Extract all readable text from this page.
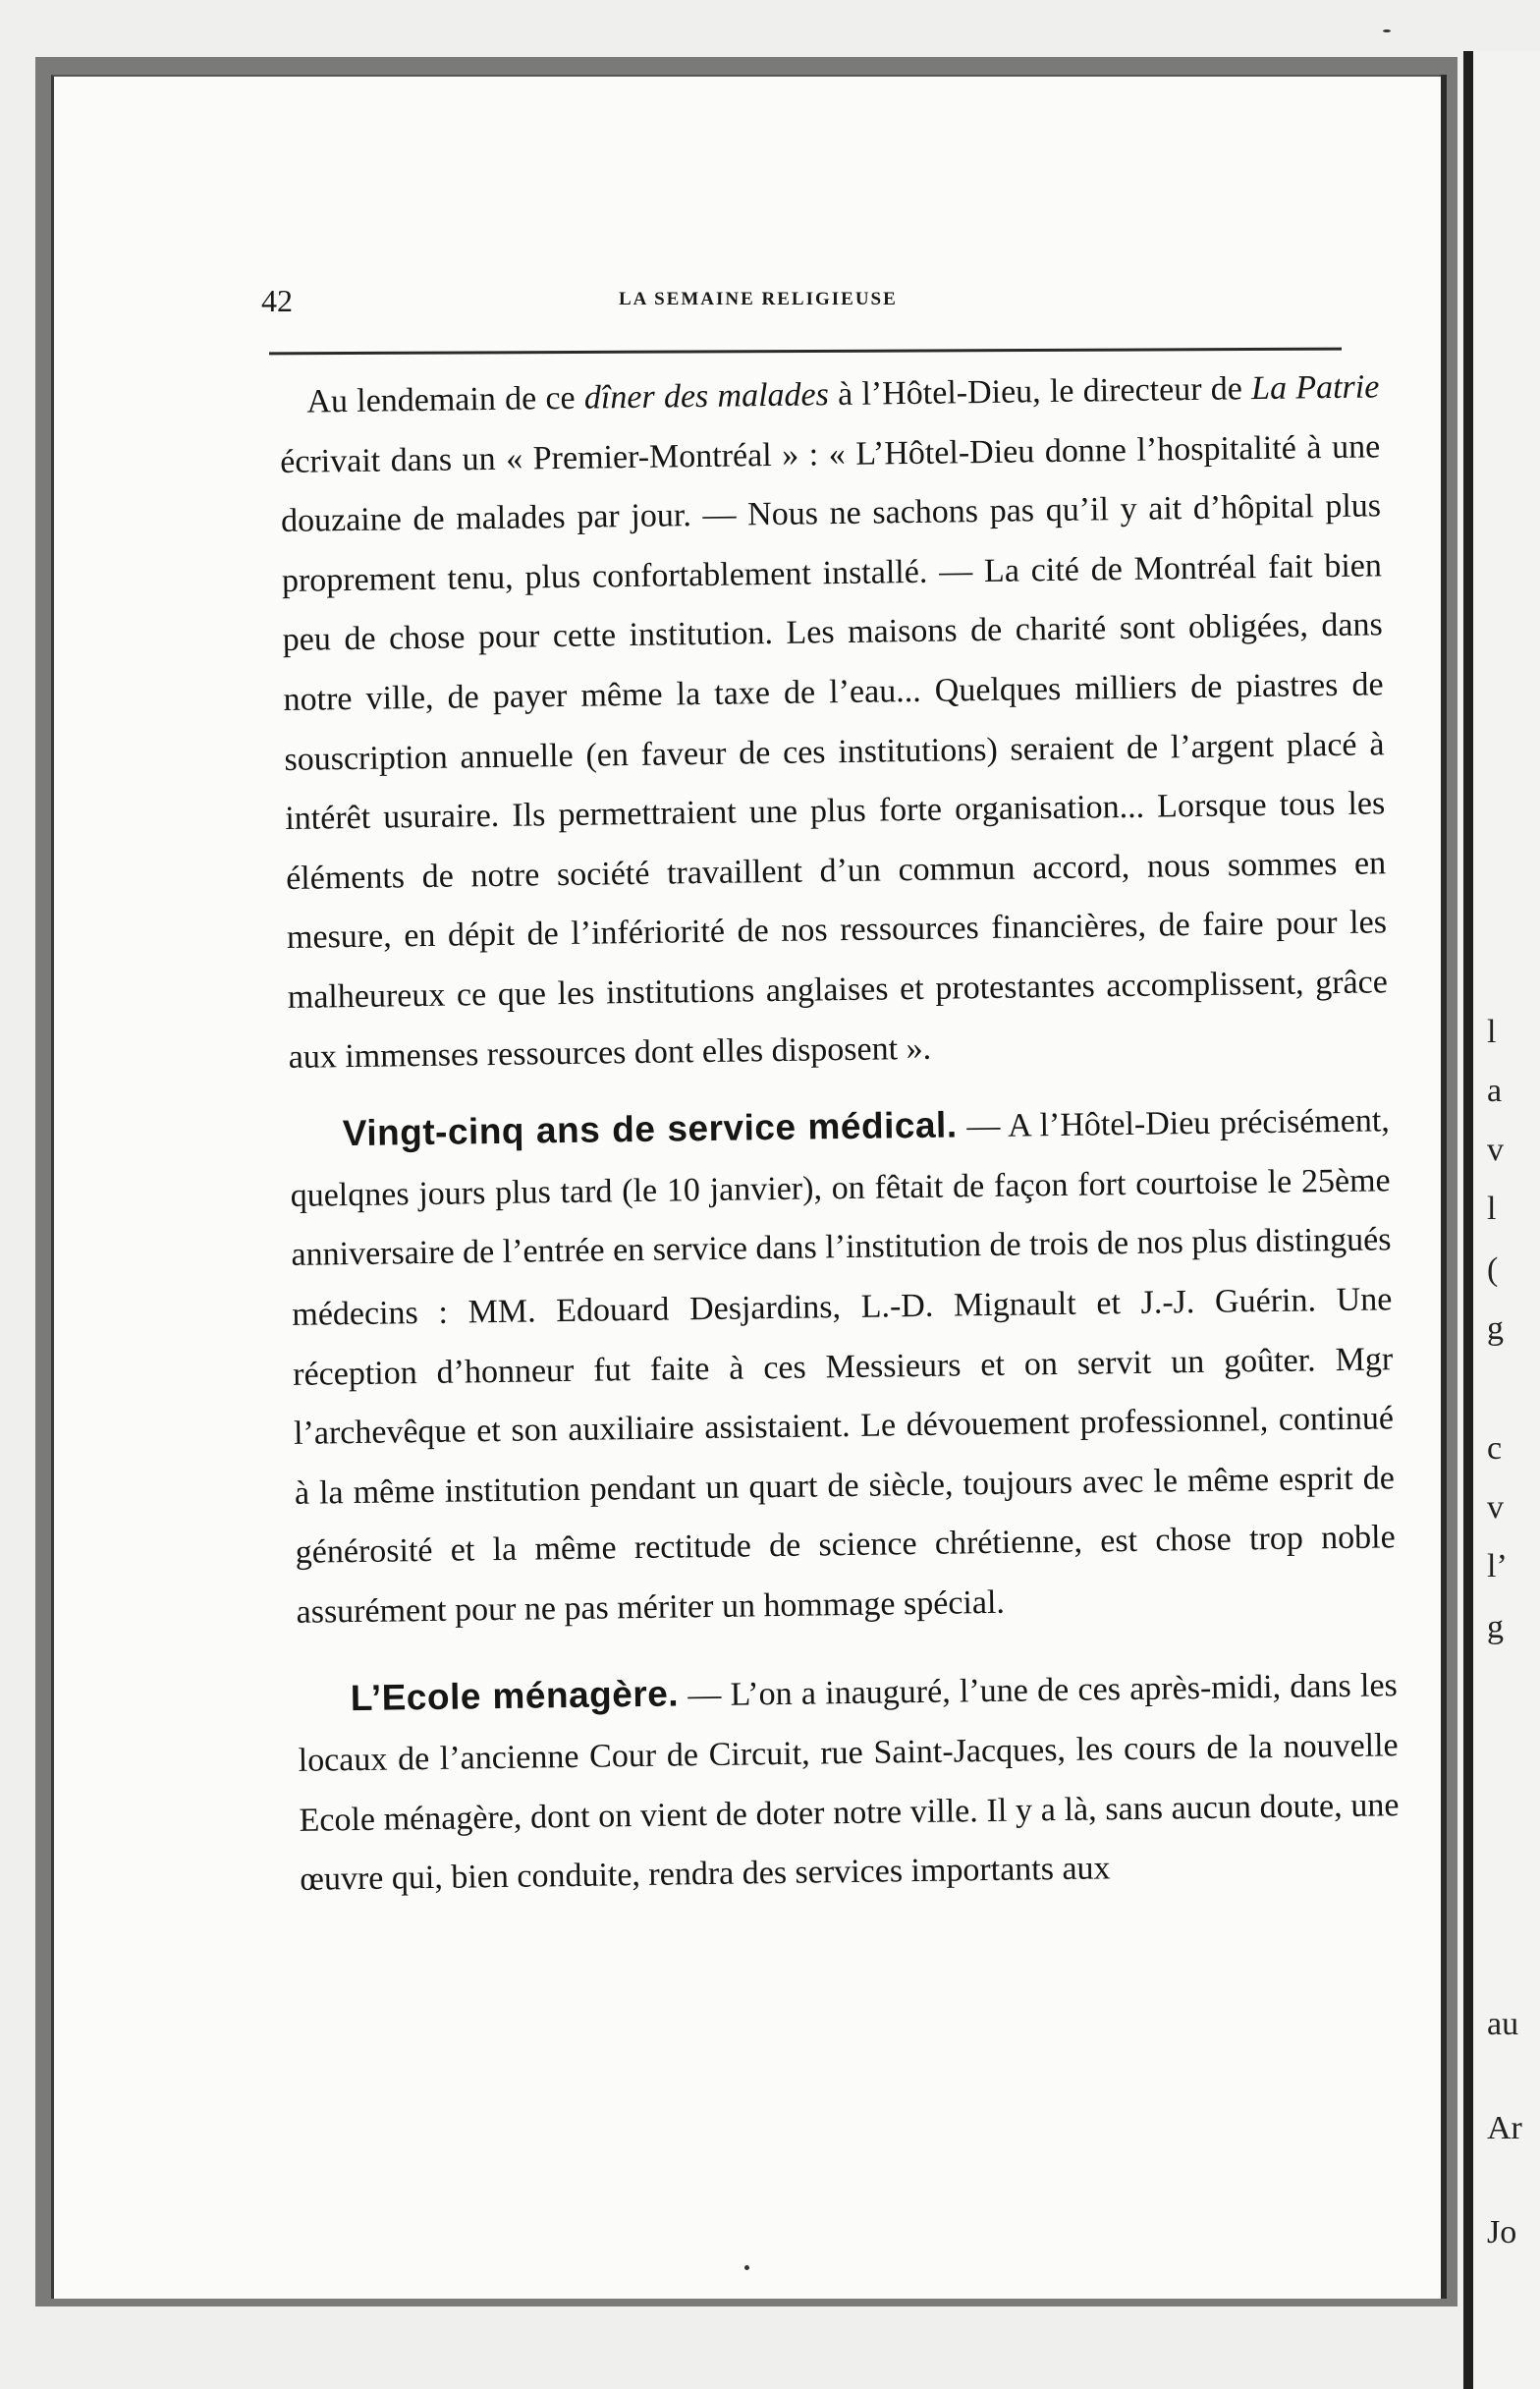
l
a
v
l
(
g
c
v
l’
g
au
Ar
Jo
42	LA SEMAINE RELIGIEUSE

Au lendemain de ce dîner des malades à l’Hôtel-Dieu, le directeur de La Patrie écrivait dans un « Premier-Montréal » : « L’Hôtel-Dieu donne l’hospitalité à une douzaine de malades par jour. — Nous ne sachons pas qu’il y ait d’hôpital plus proprement tenu, plus confortablement installé. — La cité de Montréal fait bien peu de chose pour cette institution. Les maisons de charité sont obligées, dans notre ville, de payer même la taxe de l’eau... Quelques milliers de piastres de souscription annuelle (en faveur de ces institutions) seraient de l’argent placé à intérêt usuraire. Ils permettraient une plus forte organisation... Lorsque tous les éléments de notre société travaillent d’un commun accord, nous sommes en mesure, en dépit de l’infériorité de nos ressources financières, de faire pour les malheureux ce que les institutions anglaises et protestantes accomplissent, grâce aux immenses ressources dont elles disposent ».

Vingt-cinq ans de service médical. — A l’Hôtel-Dieu précisément, quelqnes jours plus tard (le 10 janvier), on fêtait de façon fort courtoise le 25ème anniversaire de l’entrée en service dans l’institution de trois de nos plus distingués médecins : MM. Edouard Desjardins, L.-D. Mignault et J.-J. Guérin. Une réception d’honneur fut faite à ces Messieurs et on servit un goûter. Mgr l’archevêque et son auxiliaire assistaient. Le dévouement professionnel, continué à la même institution pendant un quart de siècle, toujours avec le même esprit de générosité et la même rectitude de science chrétienne, est chose trop noble assurément pour ne pas mériter un hommage spécial.

L’Ecole ménagère. — L’on a inauguré, l’une de ces après-midi, dans les locaux de l’ancienne Cour de Circuit, rue Saint-Jacques, les cours de la nouvelle Ecole ménagère, dont on vient de doter notre ville. Il y a là, sans aucun doute, une œuvre qui, bien conduite, rendra des services importants aux
